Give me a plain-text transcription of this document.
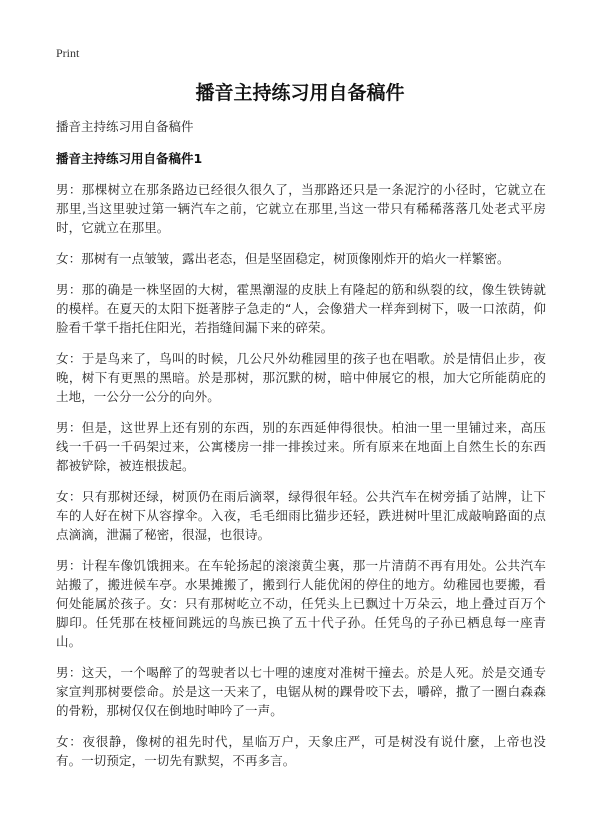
Print
播音主持练习用自备稿件

播音主持练习用自备稿件

播音主持练习用自备稿件1

男：那棵树立在那条路边已经很久很久了，当那路还只是一条泥泞的小径时，它就立在那里,当这里驶过第一辆汽车之前，它就立在那里,当这一带只有稀稀落落几处老式平房时，它就立在那里。

女：那树有一点皱皱，露出老态，但是坚固稳定，树顶像刚炸开的焰火一样繁密。

男：那的确是一株坚固的大树，霍黑潮湿的皮肤上有隆起的筋和纵裂的纹，像生铁铸就的模样。在夏天的太阳下挺著脖子急走的“人，会像猎犬一样奔到树下，吸一口浓荫，仰脸看千掌千指托住阳光，若指缝间漏下来的碎荣。

女：于是鸟来了，鸟叫的时候，几公尺外幼稚园里的孩子也在唱歌。於是情侣止步，夜晚，树下有更黑的黑暗。於是那树，那沉默的树，暗中伸展它的根，加大它所能荫庇的土地，一公分一公分的向外。

男：但是，这世界上还有别的东西，别的东西延伸得很快。柏油一里一里铺过来，高压线一千码一千码架过来，公寓楼房一排一排挨过来。所有原来在地面上自然生长的东西都被铲除，被连根拔起。

女：只有那树还绿，树顶仍在雨后滴翠，绿得很年轻。公共汽车在树旁插了站牌，让下车的人好在树下从容撑伞。入夜，毛毛细雨比猫步还轻，跌进树叶里汇成敲响路面的点点滴滴，泄漏了秘密，很湿，也很诗。

男：计程车像饥饿拥来。在车轮扬起的滚滚黄尘裏，那一片清荫不再有用处。公共汽车站搬了，搬进候车亭。水果摊搬了，搬到行人能优闲的停住的地方。幼稚园也要搬，看何处能属於孩子。女：只有那树屹立不动，任凭头上已飘过十万朵云，地上叠过百万个脚印。任凭那在枝桠间跳远的鸟族已换了五十代子孙。任凭鸟的子孙已栖息每一座青山。

男：这天，一个喝醉了的驾驶者以七十哩的速度对准树干撞去。於是人死。於是交通专家宣判那树要偿命。於是这一天来了，电锯从树的踝骨咬下去，嚼碎，撒了一圈白森森的骨粉，那树仅仅在倒地时呻吟了一声。

女：夜很静，像树的祖先时代，星临万户，天象庄严，可是树没有说什麼，上帝也没有。一切预定，一切先有默契，不再多言。
